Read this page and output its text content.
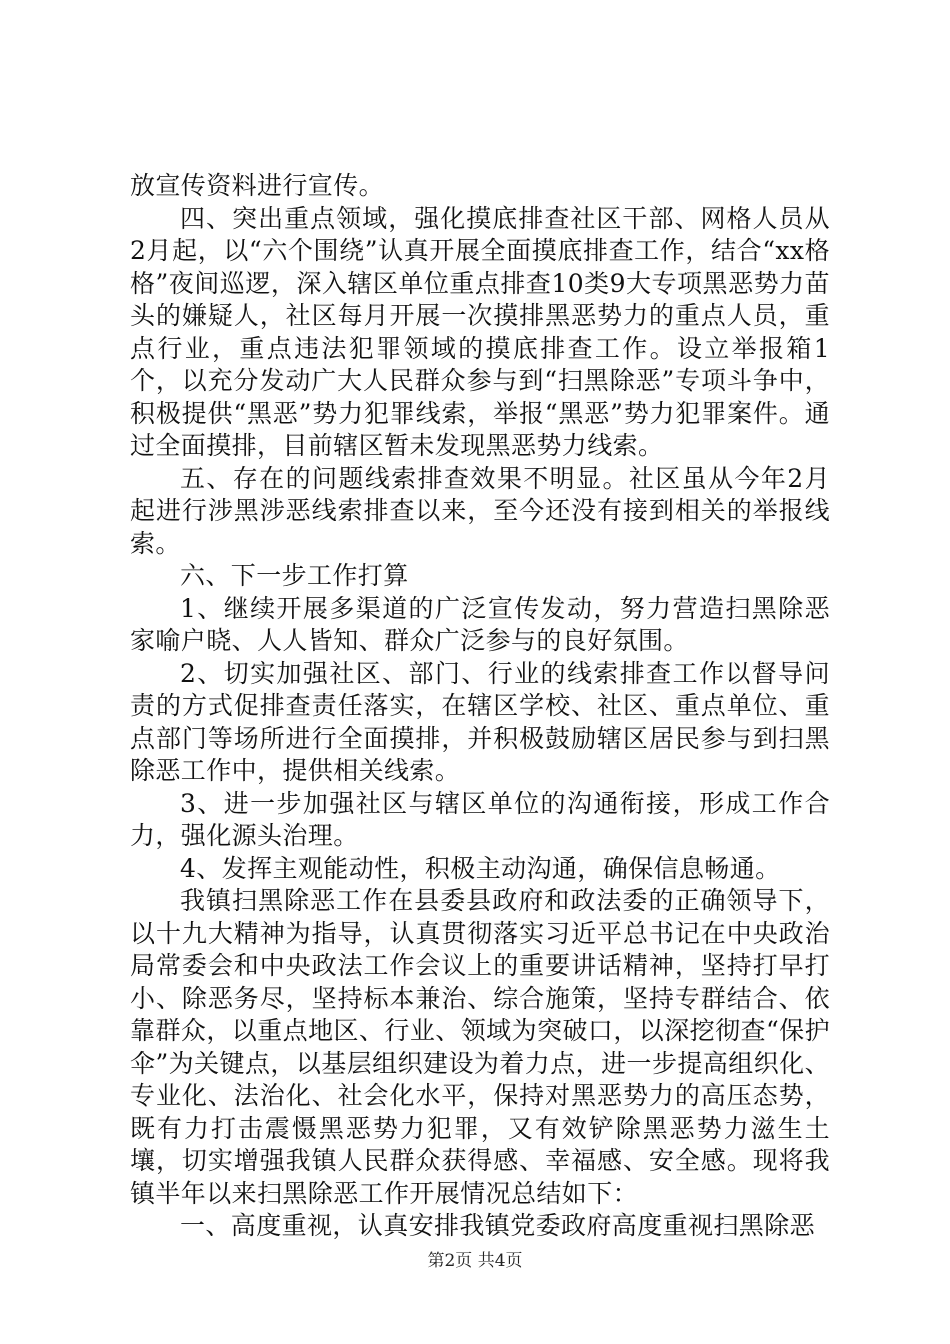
放宣传资料进行宣传。

四、突出重点领域，强化摸底排查社区干部、网格人员从2月起，以“六个围绕”认真开展全面摸底排查工作，结合“xx格格”夜间巡逻，深入辖区单位重点排查10类9大专项黑恶势力苗头的嫌疑人，社区每月开展一次摸排黑恶势力的重点人员，重点行业，重点违法犯罪领域的摸底排查工作。设立举报箱1个，以充分发动广大人民群众参与到“扫黑除恶”专项斗争中，积极提供“黑恶”势力犯罪线索，举报“黑恶”势力犯罪案件。通过全面摸排，目前辖区暂未发现黑恶势力线索。

五、存在的问题线索排查效果不明显。社区虽从今年2月起进行涉黑涉恶线索排查以来，至今还没有接到相关的举报线索。

六、下一步工作打算

1、继续开展多渠道的广泛宣传发动，努力营造扫黑除恶家喻户晓、人人皆知、群众广泛参与的良好氛围。

2、切实加强社区、部门、行业的线索排查工作以督导问责的方式促排查责任落实，在辖区学校、社区、重点单位、重点部门等场所进行全面摸排，并积极鼓励辖区居民参与到扫黑除恶工作中，提供相关线索。

3、进一步加强社区与辖区单位的沟通衔接，形成工作合力，强化源头治理。

4、发挥主观能动性，积极主动沟通，确保信息畅通。

我镇扫黑除恶工作在县委县政府和政法委的正确领导下，以十九大精神为指导，认真贯彻落实习近平总书记在中央政治局常委会和中央政法工作会议上的重要讲话精神，坚持打早打小、除恶务尽，坚持标本兼治、综合施策，坚持专群结合、依靠群众，以重点地区、行业、领域为突破口，以深挖彻查“保护伞”为关键点，以基层组织建设为着力点，进一步提高组织化、专业化、法治化、社会化水平，保持对黑恶势力的高压态势，既有力打击震慑黑恶势力犯罪，又有效铲除黑恶势力滋生土壤，切实增强我镇人民群众获得感、幸福感、安全感。现将我镇半年以来扫黑除恶工作开展情况总结如下：

一、高度重视，认真安排我镇党委政府高度重视扫黑除恶

第2页 共4页
